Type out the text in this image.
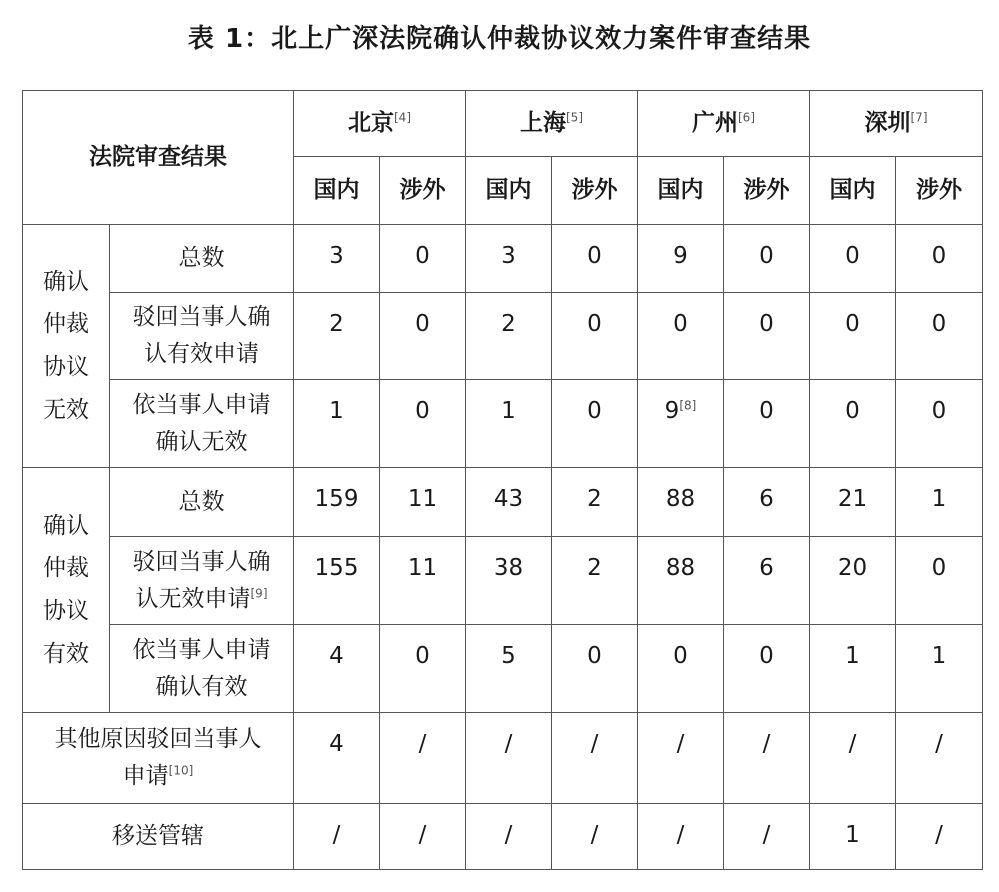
表 1：北上广深法院确认仲裁协议效力案件审查结果
法院审查结果		北京[4]		上海[5]		广州[6]		深圳[7]
		国内	涉外	国内	涉外	国内	涉外	国内	涉外
确认
仲裁
协议
无效	总数	3	0	3	0	9	0	0	0
	驳回当事人确
认有效申请	2	0	2	0	0	0	0	0
	依当事人申请
确认无效	1	0	1	0	9[8]	0	0	0
确认
仲裁
协议
有效	总数	159	11	43	2	88	6	21	1
	驳回当事人确
认无效申请[9]	155	11	38	2	88	6	20	0
	依当事人申请
确认有效	4	0	5	0	0	0	1	1
其他原因驳回当事人
申请[10]		4	/	/	/	/	/	/	/
移送管辖		/	/	/	/	/	/	1	/
